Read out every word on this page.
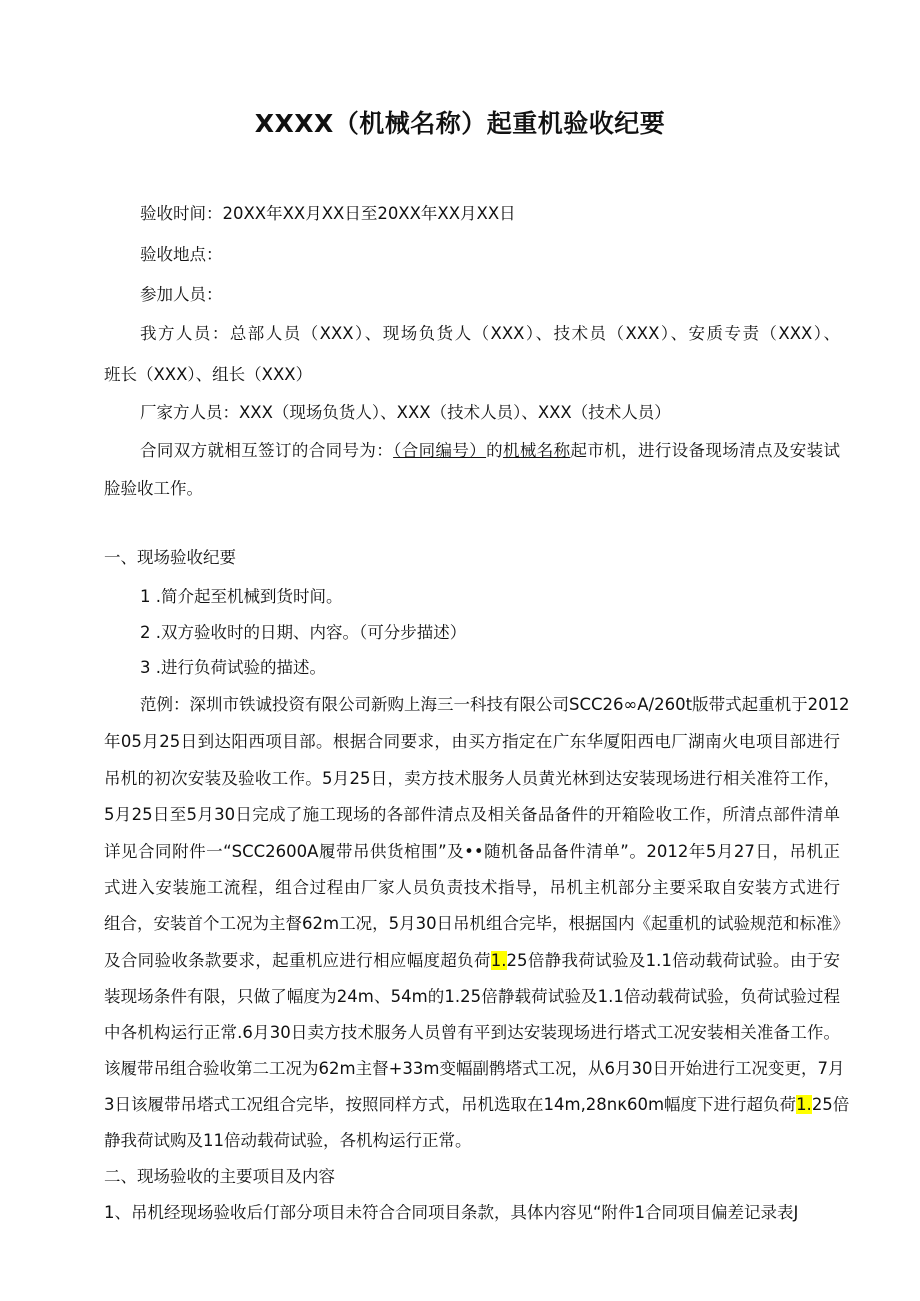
XXXX（机械名称）起重机验收纪要
验收时间：20XX年XX月XX日至20XX年XX月XX日
验收地点：
参加人员：
我方人员：总部人员（XXX）、现场负货人（XXX）、技术员（XXX）、安质专责（XXX）、
班长（XXX）、组长（XXX）
厂家方人员：XXX（现场负货人）、XXX（技术人员）、XXX（技术人员）
合同双方就相互签订的合同号为：（合同编号）的机械名称起市机，进行设备现场清点及安装试
脸验收工作。
一、现场验收纪要
1 .简介起至机械到货时间。
2 .双方验收时的日期、内容。（可分步描述）
3 .进行负荷试验的描述。
范例：深圳市铁诚投资有限公司新购上海三一科技有限公司SCC26∞A/260t版带式起重机于2012
年05月25日到达阳西项目部。根据合同要求，由买方指定在广东华厦阳西电厂湖南火电项目部进行
吊机的初次安装及验收工作。5月25日，卖方技术服务人员黄光林到达安装现场进行相关准符工作，
5月25日至5月30日完成了施工现场的各部件清点及相关备品备件的开箱险收工作，所清点部件清单
详见合同附件一“SCC2600A履带吊供货棺围”及••随机备品备件清单”。2012年5月27日，吊机正
式进入安装施工流程，组合过程由厂家人员负责技术指导，吊机主机部分主要采取自安装方式进行
组合，安装首个工况为主督62m工况，5月30日吊机组合完毕，根据国内《起重机的试验规范和标准》
及合同验收条款要求，起重机应进行相应幅度超负荷1.25倍静我荷试验及1.1倍动载荷试验。由于安
装现场条件有限，只做了幅度为24m、54m的1.25倍静载荷试验及1.1倍动载荷试验，负荷试验过程
中各机构运行正常.6月30日卖方技术服务人员曾有平到达安装现场进行塔式工况安装相关准备工作。
该履带吊组合验收第二工况为62m主督+33m变幅副鹘塔式工况，从6月30日开始进行工况变更，7月
3日该履带吊塔式工况组合完毕，按照同样方式，吊机选取在14m,28nκ60m幅度下进行超负荷1.25倍
静我荷试购及11倍动载荷试验，各机构运行正常。
二、现场验收的主要项目及内容
1、吊机经现场验收后仃部分项目未符合合同项目条款，具体内容见“附件1合同项目偏差记录表J
